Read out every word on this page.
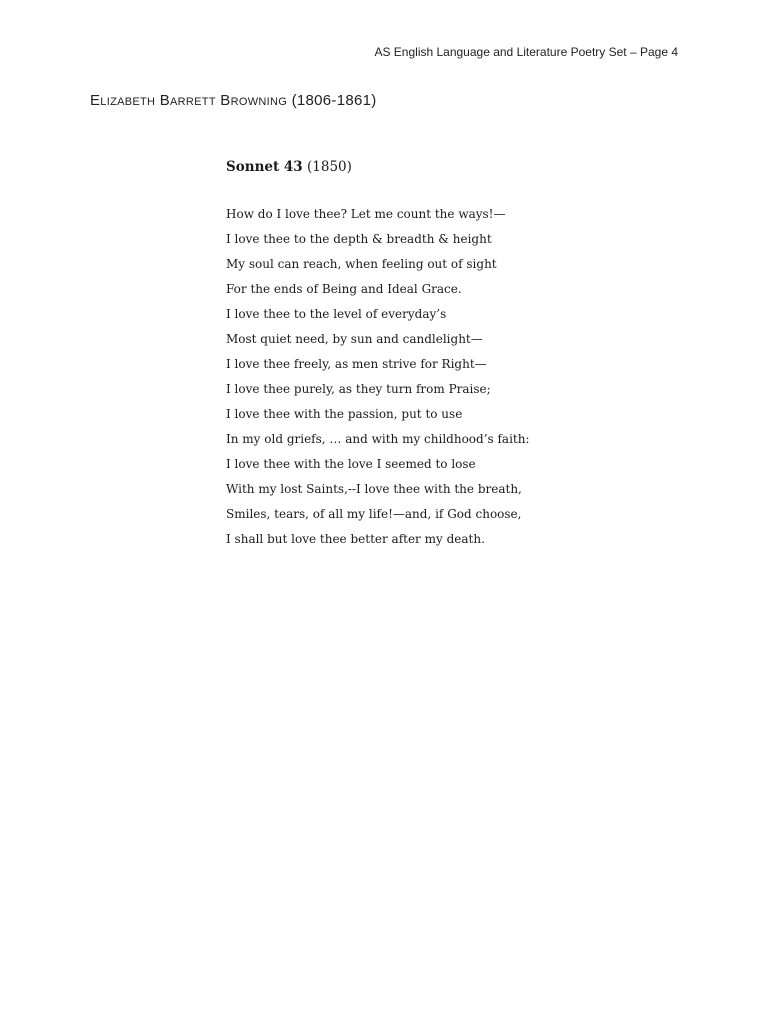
AS English Language and Literature Poetry Set – Page 4
Elizabeth Barrett Browning (1806-1861)
Sonnet 43 (1850)
How do I love thee? Let me count the ways!—
I love thee to the depth & breadth & height
My soul can reach, when feeling out of sight
For the ends of Being and Ideal Grace.
I love thee to the level of everyday’s
Most quiet need, by sun and candlelight—
I love thee freely, as men strive for Right—
I love thee purely, as they turn from Praise;
I love thee with the passion, put to use
In my old griefs, … and with my childhood’s faith:
I love thee with the love I seemed to lose
With my lost Saints,--I love thee with the breath,
Smiles, tears, of all my life!—and, if God choose,
I shall but love thee better after my death.
